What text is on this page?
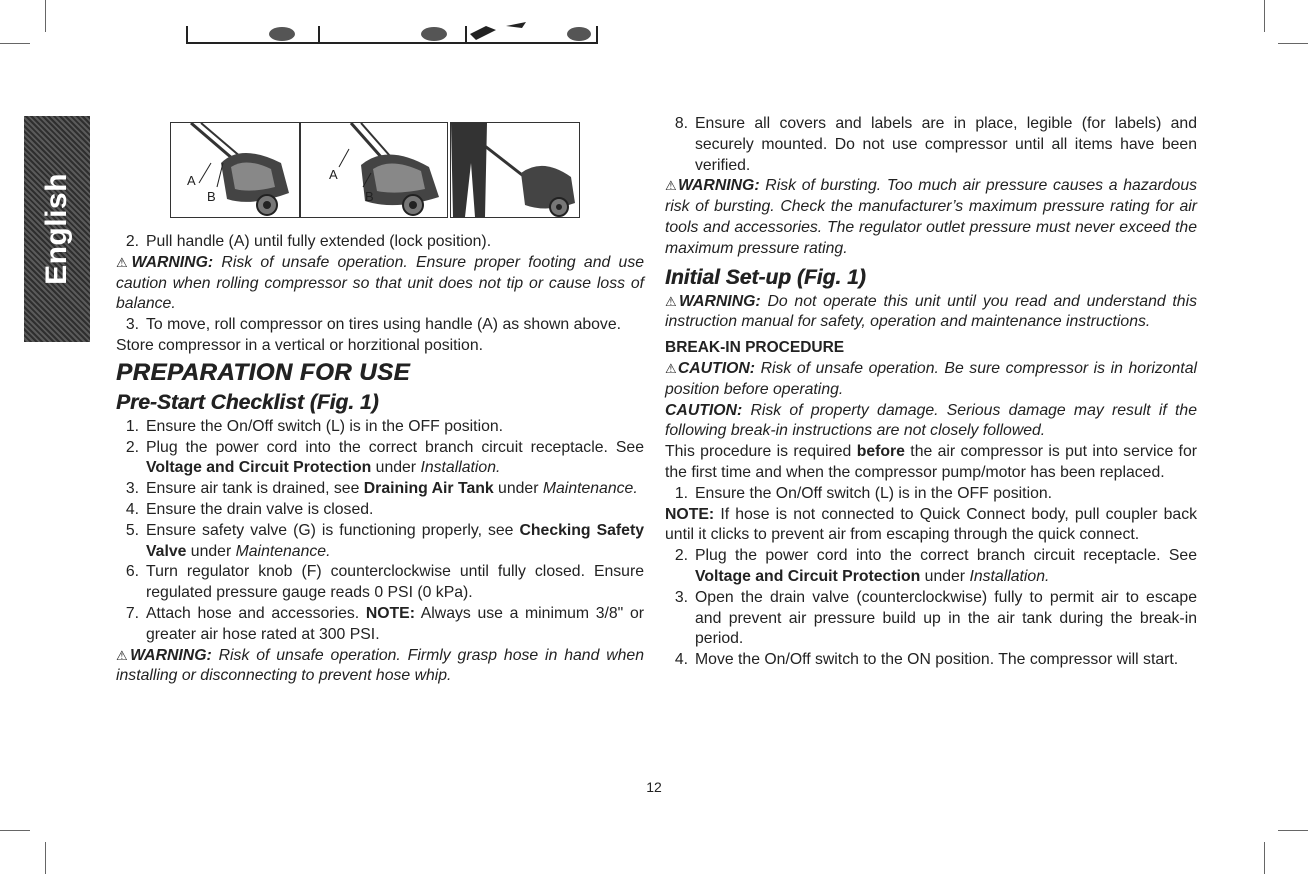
English	A
B
A
B
2. Pull handle (A) until fully extended (lock position).

⚠WARNING: Risk of unsafe operation. Ensure proper footing and use caution when rolling compressor so that unit does not tip or cause loss of balance.

3. To move, roll compressor on tires using handle (A) as shown above.

Store compressor in a vertical or horzitional position.

PREPARATION FOR USE
Pre-Start Checklist (Fig. 1)
1. Ensure the On/Off switch (L) is in the OFF position.
2. Plug the power cord into the correct branch circuit receptacle. See Voltage and Circuit Protection under Installation.
3. Ensure air tank is drained, see Draining Air Tank under Maintenance.
4. Ensure the drain valve is closed.
5. Ensure safety valve (G) is functioning properly, see Checking Safety Valve under Maintenance.
6. Turn regulator knob (F) counterclockwise until fully closed. Ensure regulated pressure gauge reads 0 PSI (0 kPa).
7. Attach hose and accessories. NOTE: Always use a minimum 3/8" or greater air hose rated at 300 PSI.

⚠WARNING: Risk of unsafe operation. Firmly grasp hose in hand when installing or disconnecting to prevent hose whip.

8. Ensure all covers and labels are in place, legible (for labels) and securely mounted. Do not use compressor until all items have been verified.

⚠WARNING: Risk of bursting. Too much air pressure causes a hazardous risk of bursting. Check the manufacturer’s maximum pressure rating for air tools and accessories. The regulator outlet pressure must never exceed the maximum pressure rating.

Initial Set-up (Fig. 1)

⚠WARNING: Do not operate this unit until you read and understand this instruction manual for safety, operation and maintenance instructions.

BREAK-IN PROCEDURE

⚠CAUTION: Risk of unsafe operation. Be sure compressor is in horizontal position before operating.

CAUTION: Risk of property damage. Serious damage may result if the following break-in instructions are not closely followed.

This procedure is required before the air compressor is put into service for the first time and when the compressor pump/motor has been replaced.

1. Ensure the On/Off switch (L) is in the OFF position.

NOTE: If hose is not connected to Quick Connect body, pull coupler back until it clicks to prevent air from escaping through the quick connect.

2. Plug the power cord into the correct branch circuit receptacle. See Voltage and Circuit Protection under Installation.
3. Open the drain valve (counterclockwise) fully to permit air to escape and prevent air pressure build up in the air tank during the break-in period.
4. Move the On/Off switch to the ON position. The compressor will start.
12
